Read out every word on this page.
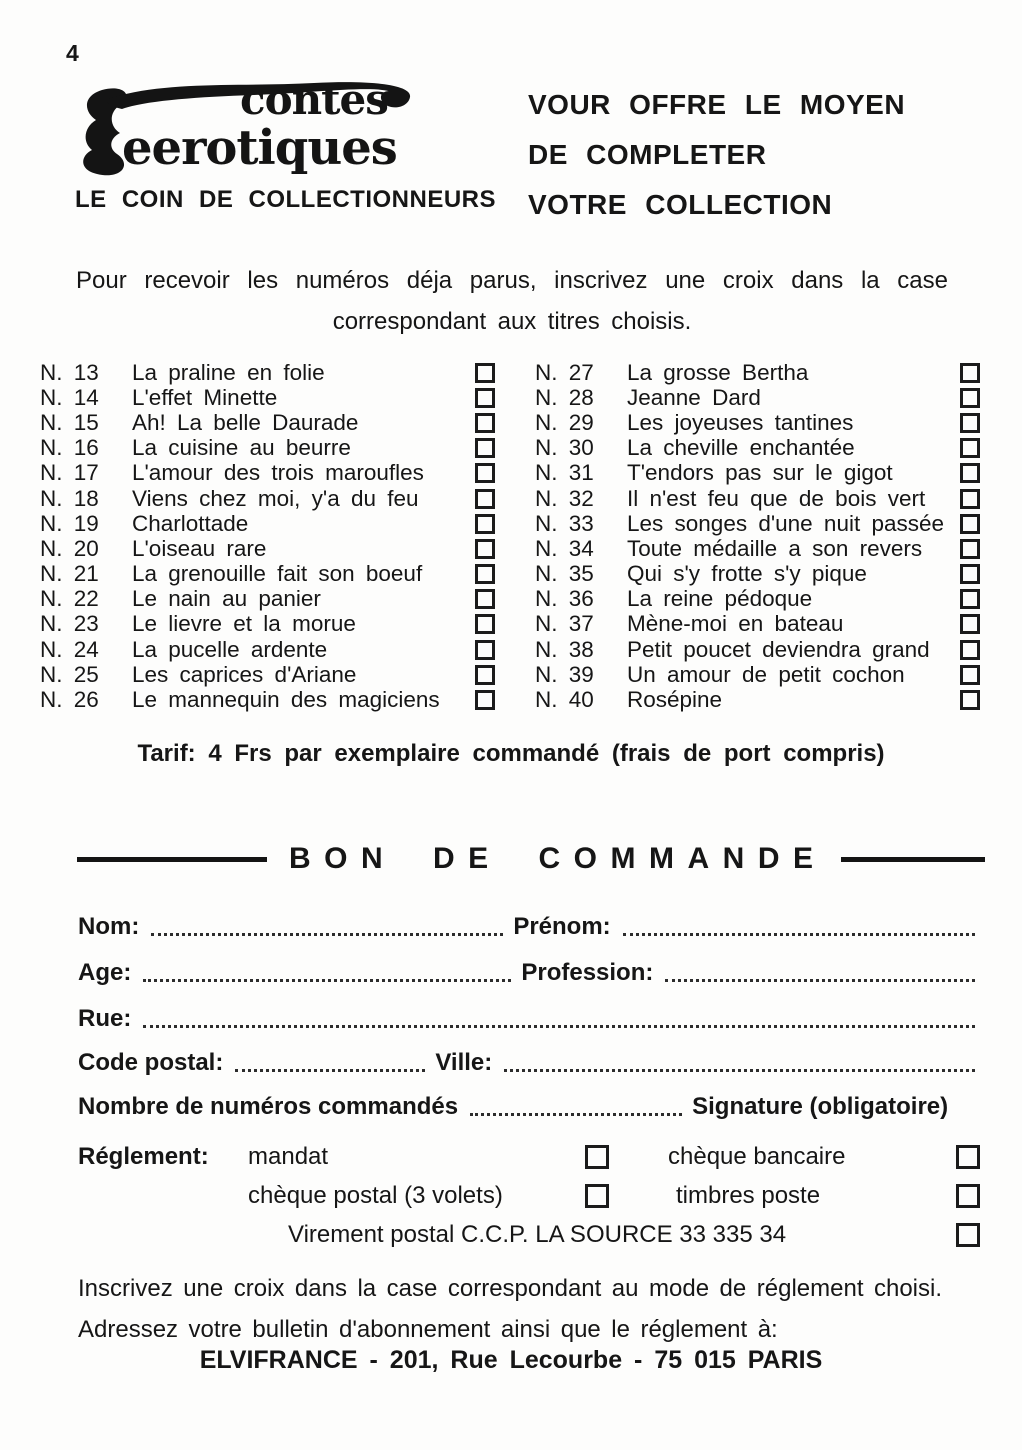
4
contes
eerotiques
LE COIN DE COLLECTIONNEURS
VOUR OFFRE LE MOYEN
DE COMPLETER
VOTRE COLLECTION
Pour recevoir les numéros déja parus, inscrivez une croix dans la case correspondant aux titres choisis.
N. 13	La praline en folie
N. 14	L'effet Minette
N. 15	Ah! La belle Daurade
N. 16	La cuisine au beurre
N. 17	L'amour des trois maroufles
N. 18	Viens chez moi, y'a du feu
N. 19	Charlottade
N. 20	L'oiseau rare
N. 21	La grenouille fait son boeuf
N. 22	Le nain au panier
N. 23	Le lievre et la morue
N. 24	La pucelle ardente
N. 25	Les caprices d'Ariane
N. 26	Le mannequin des magiciens
N. 27	La grosse Bertha
N. 28	Jeanne Dard
N. 29	Les joyeuses tantines
N. 30	La cheville enchantée
N. 31	T'endors pas sur le gigot
N. 32	Il n'est feu que de bois vert
N. 33	Les songes d'une nuit passée
N. 34	Toute médaille a son revers
N. 35	Qui s'y frotte s'y pique
N. 36	La reine pédoque
N. 37	Mène-moi en bateau
N. 38	Petit poucet deviendra grand
N. 39	Un amour de petit cochon
N. 40	Rosépine
Tarif: 4 Frs par exemplaire commandé (frais de port compris)
BON DE COMMANDE
Nom:	Prénom:
Age:	Profession:
Rue:
Code postal:	Ville:
Nombre de numéros commandés	Signature (obligatoire)
Réglement: mandat	chèque bancaire
chèque postal (3 volets)	timbres poste
Virement postal C.C.P. LA SOURCE 33 335 34
Inscrivez une croix dans la case correspondant au mode de réglement choisi.
Adressez votre bulletin d'abonnement ainsi que le réglement à:
ELVIFRANCE - 201, Rue Lecourbe - 75 015 PARIS
